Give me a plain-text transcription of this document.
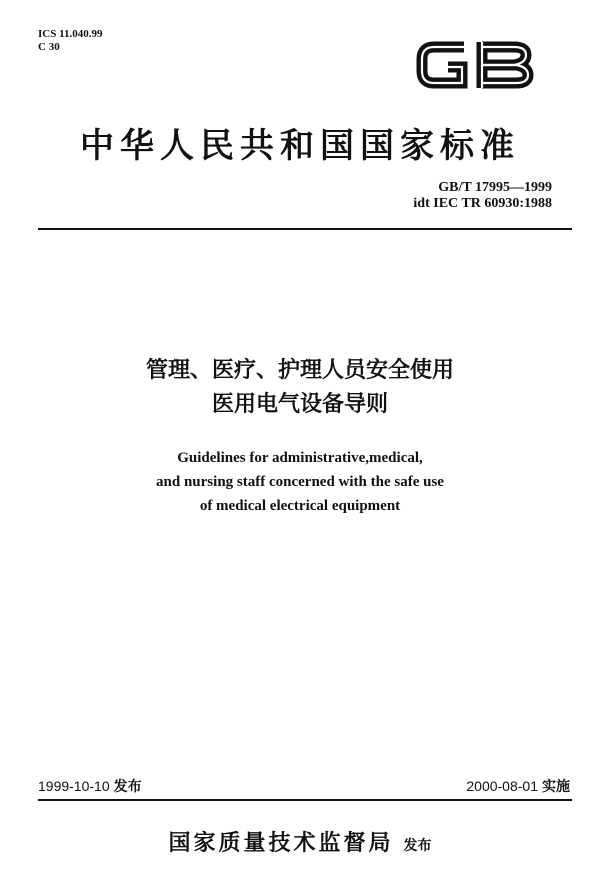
ICS 11.040.99
C 30
中华人民共和国国家标准
GB/T 17995—1999
idt IEC TR 60930:1988
管理、医疗、护理人员安全使用
医用电气设备导则
Guidelines for administrative,medical,
and nursing staff concerned with the safe use
of medical electrical equipment
1999-10-10 发布	2000-08-01 实施
国家质量技术监督局 发布
